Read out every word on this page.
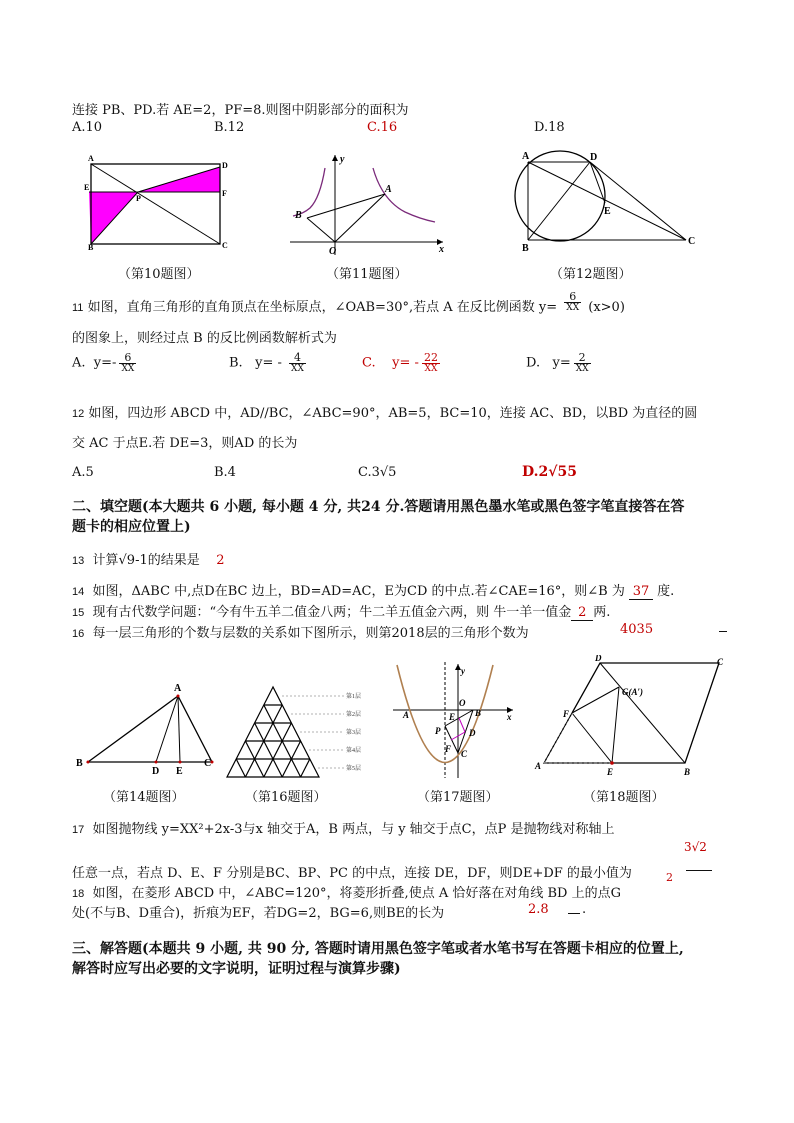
连接 PB、PD.若 AE=2，PF=8.则图中阴影部分的面积为
A.10	B.12	C.16	D.18
A
D
E
P
F
B	C
（第10题图）
y
x
A
B
O
（第11题图）
A	D
E
B
C
（第12题图）
11 如图，直角三角形的直角顶点在坐标原点，∠OAB=30°,若点 A 在反比例函数 $y= \frac{6}{XX} (x>0)$
的图象上，则经过点 B 的反比例函数解析式为
A. $y=- \frac{6}{XX}$	B. $y= - \frac{4}{XX}$	C. $y= - \frac{22}{XX}$	D. $y= \frac{2}{XX}$
12 如图，四边形 ABCD 中，AD//BC，∠ABC=90°，AB=5，BC=10，连接 AC、BD，以BD 为直径的圆
交 AC 于点E.若 DE=3，则AD 的长为
A.5	B.4	C.3√5	D.2√55
二、填空题(本大题共 6 小题, 每小题 4 分, 共24 分.答题请用黑色墨水笔或黑色签字笔直接答在答
题卡的相应位置上)
13 计算√9-1的结果是 2
14 如图，ΔABC 中,点D在BC 边上，BD=AD=AC，E为CD 的中点.若∠CAE=16°，则∠B 为 37 度.
15 现有古代数学问题：“今有牛五羊二值金八两；牛二羊五值金六两，则 牛一羊一值金 2 两.
16 每一层三角形的个数与层数的关系如下图所示，则第2018层的三角形个数为	4035
A
B
D E
C
（第14题图）
第1层
第2层
第3层
第4层
第5层
（第16题图）
y
x
A
O
B
E
P	D
F C
（第17题图）
D	C
G(A′)
F
A
E	B
（第18题图）
17 如图抛物线 y=XX²+2x-3与x 轴交于A，B 两点，与 y 轴交于点C，点P 是抛物线对称轴上
任意一点，若点 D、E、F 分别是BC、BP、PC 的中点，连接 DE，DF，则DE+DF 的最小值为
3√2
2
18 如图，在菱形 ABCD 中，∠ABC=120°，将菱形折叠,使点 A 恰好落在对角线 BD 上的点G
处(不与B、D重合)，折痕为EF，若DG=2，BG=6,则BE的长为	2.8	.
三、解答题(本题共 9 小题, 共 90 分, 答题时请用黑色签字笔或者水笔书写在答题卡相应的位置上,
解答时应写出必要的文字说明，证明过程与演算步骤)
